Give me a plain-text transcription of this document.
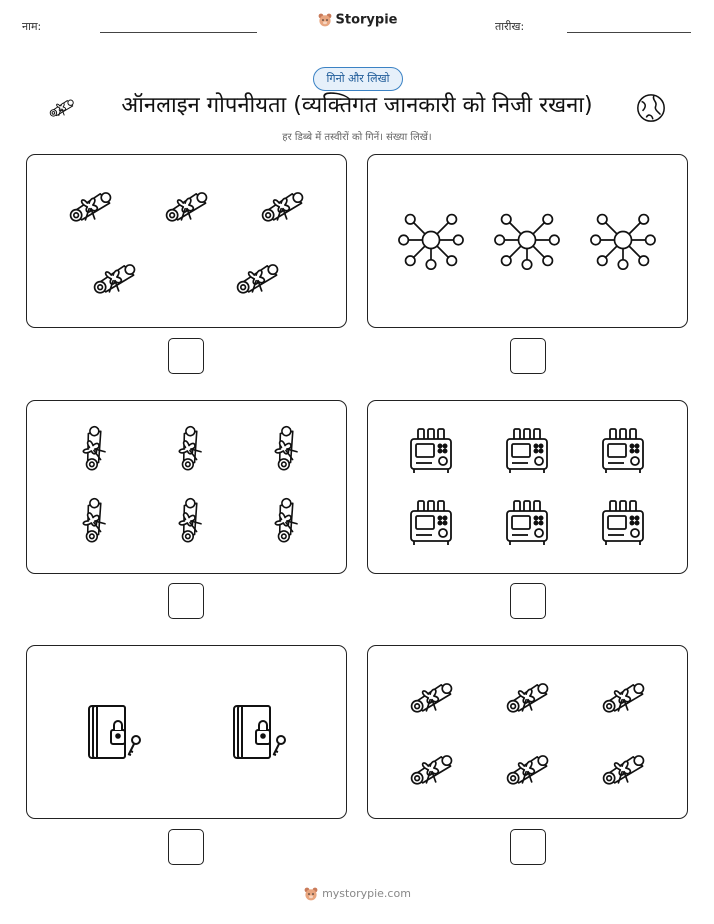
नाम:	Storypie	तारीख:
गिनो और लिखो
ऑनलाइन गोपनीयता (व्यक्तिगत जानकारी को निजी रखना)
हर डिब्बे में तस्वीरों को गिनें। संख्या लिखें।
mystorypie.com
